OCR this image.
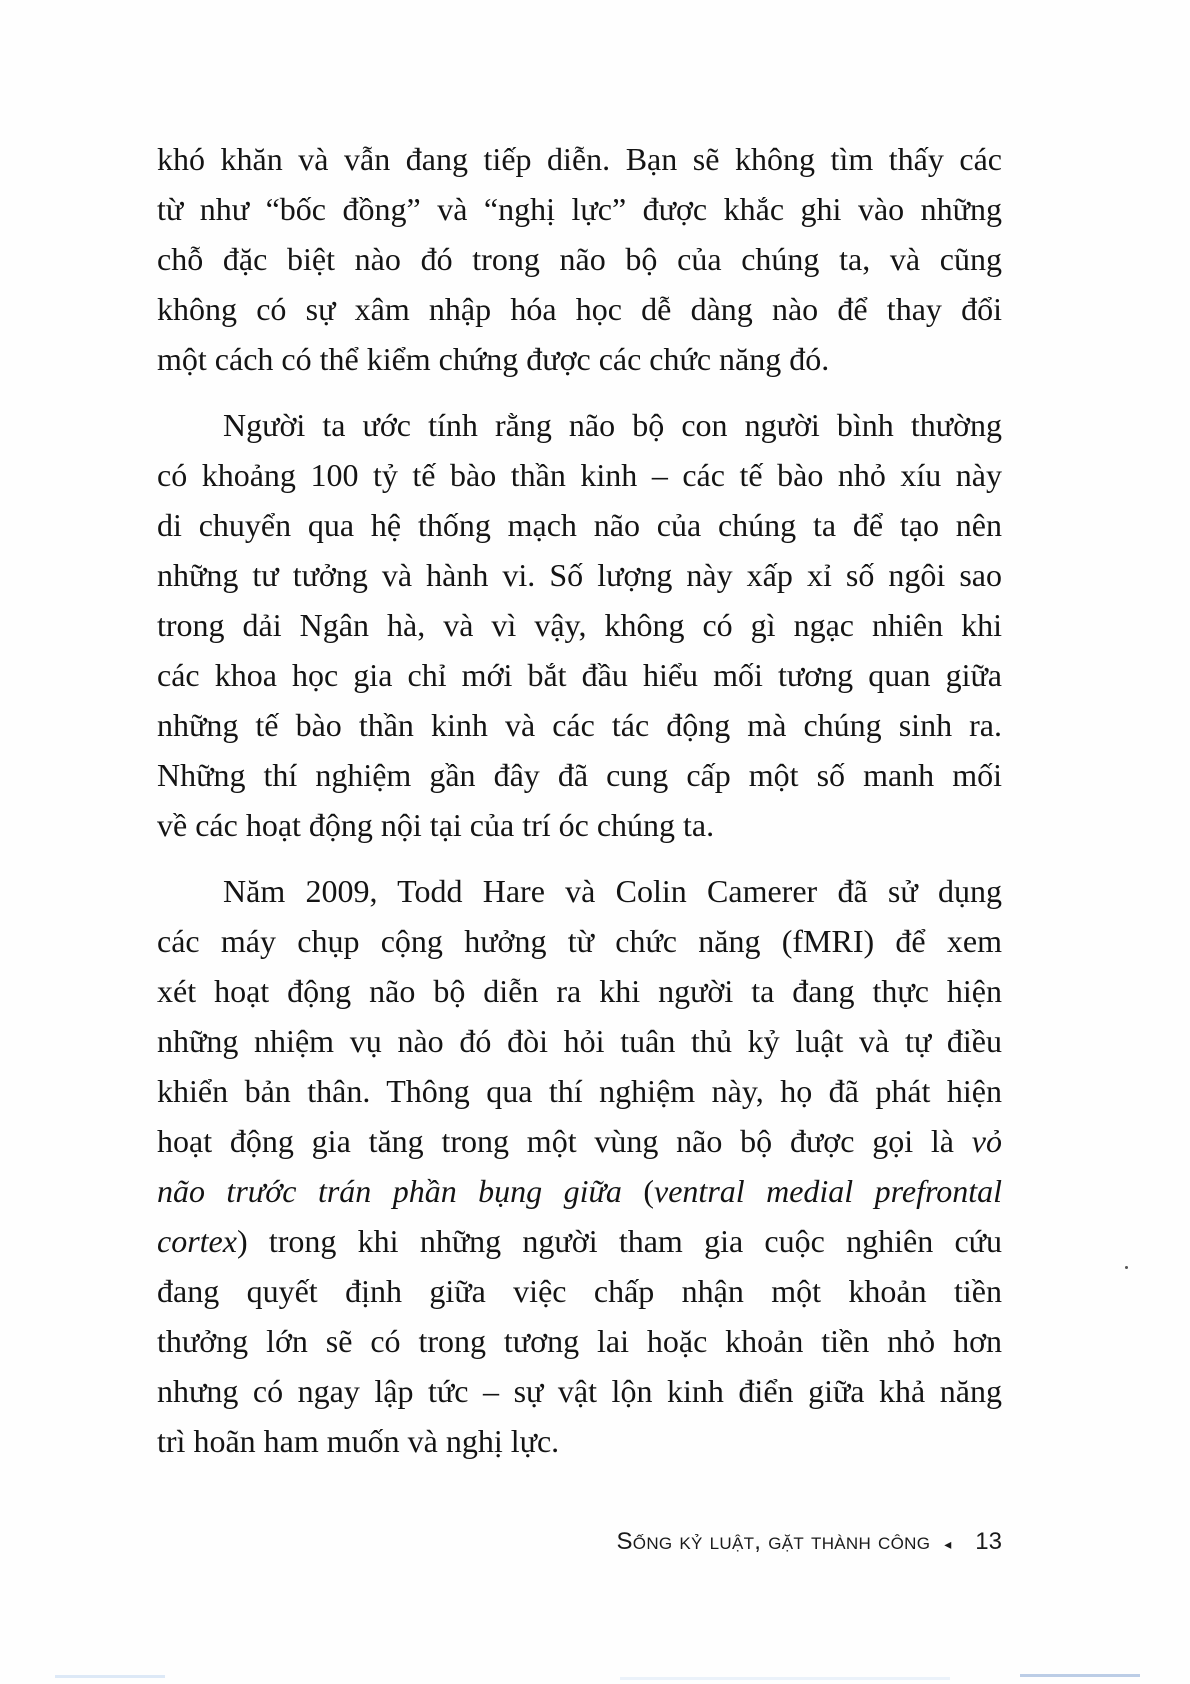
khó khăn và vẫn đang tiếp diễn. Bạn sẽ không tìm thấy các
từ như “bốc đồng” và “nghị lực” được khắc ghi vào những
chỗ đặc biệt nào đó trong não bộ của chúng ta, và cũng
không có sự xâm nhập hóa học dễ dàng nào để thay đổi
một cách có thể kiểm chứng được các chức năng đó.
Người ta ước tính rằng não bộ con người bình thường
có khoảng 100 tỷ tế bào thần kinh – các tế bào nhỏ xíu này
di chuyển qua hệ thống mạch não của chúng ta để tạo nên
những tư tưởng và hành vi. Số lượng này xấp xỉ số ngôi sao
trong dải Ngân hà, và vì vậy, không có gì ngạc nhiên khi
các khoa học gia chỉ mới bắt đầu hiểu mối tương quan giữa
những tế bào thần kinh và các tác động mà chúng sinh ra.
Những thí nghiệm gần đây đã cung cấp một số manh mối
về các hoạt động nội tại của trí óc chúng ta.
Năm 2009, Todd Hare và Colin Camerer đã sử dụng
các máy chụp cộng hưởng từ chức năng (fMRI) để xem
xét hoạt động não bộ diễn ra khi người ta đang thực hiện
những nhiệm vụ nào đó đòi hỏi tuân thủ kỷ luật và tự điều
khiển bản thân. Thông qua thí nghiệm này, họ đã phát hiện
hoạt động gia tăng trong một vùng não bộ được gọi là vỏ
não trước trán phần bụng giữa (ventral medial prefrontal
cortex) trong khi những người tham gia cuộc nghiên cứu
đang quyết định giữa việc chấp nhận một khoản tiền
thưởng lớn sẽ có trong tương lai hoặc khoản tiền nhỏ hơn
nhưng có ngay lập tức – sự vật lộn kinh điển giữa khả năng
trì hoãn ham muốn và nghị lực.
Sống kỷ luật, gặt thành công ◂ 13
